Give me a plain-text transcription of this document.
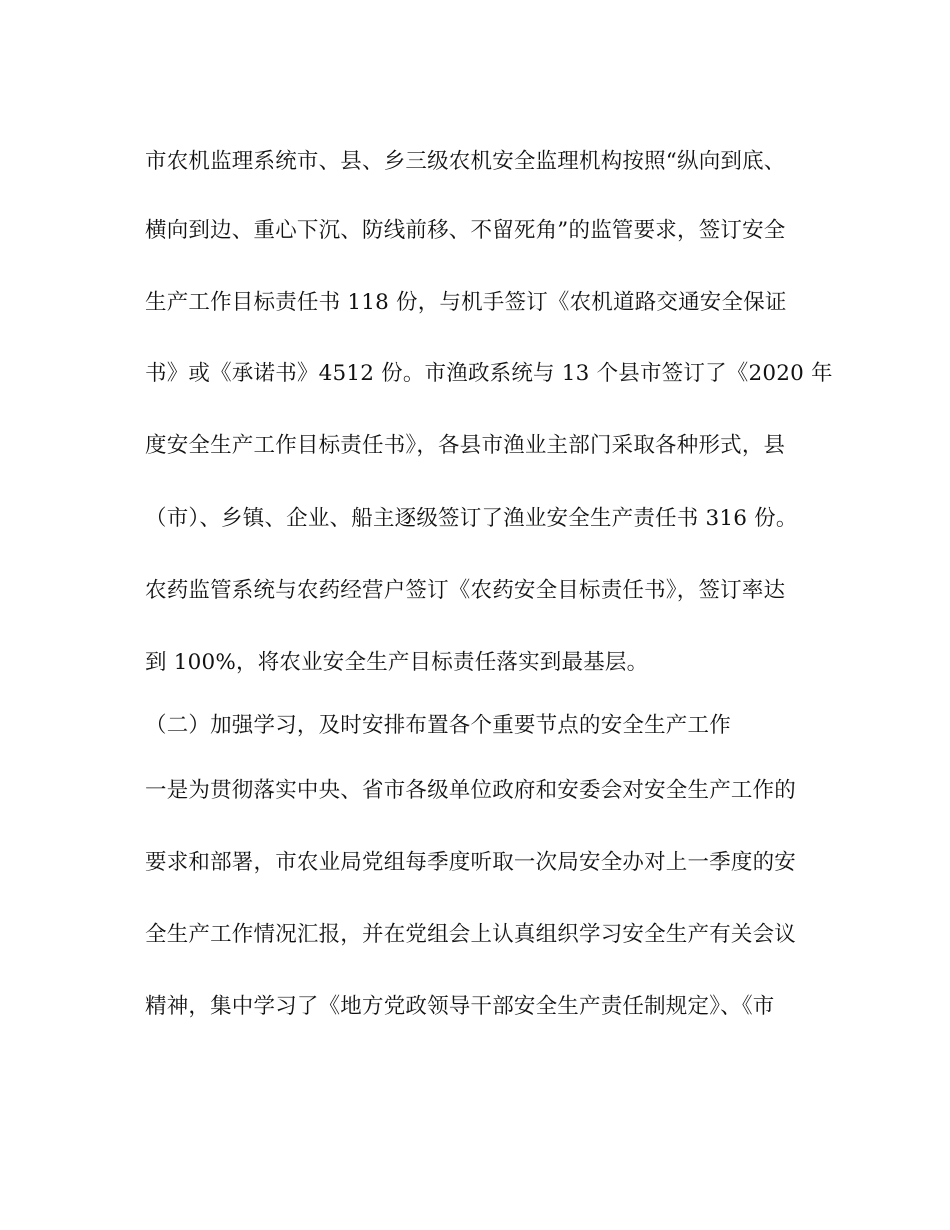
市农机监理系统市、县、乡三级农机安全监理机构按照“纵向到底、
横向到边、重心下沉、防线前移、不留死角”的监管要求，签订安全
生产工作目标责任书 118 份，与机手签订《农机道路交通安全保证
书》或《承诺书》4512 份。市渔政系统与 13 个县市签订了《2020 年
度安全生产工作目标责任书》，各县市渔业主部门采取各种形式，县
（市）、乡镇、企业、船主逐级签订了渔业安全生产责任书 316 份。
农药监管系统与农药经营户签订《农药安全目标责任书》，签订率达
到 100%，将农业安全生产目标责任落实到最基层。
（二）加强学习，及时安排布置各个重要节点的安全生产工作
一是为贯彻落实中央、省市各级单位政府和安委会对安全生产工作的
要求和部署，市农业局党组每季度听取一次局安全办对上一季度的安
全生产工作情况汇报，并在党组会上认真组织学习安全生产有关会议
精神，集中学习了《地方党政领导干部安全生产责任制规定》、《市
